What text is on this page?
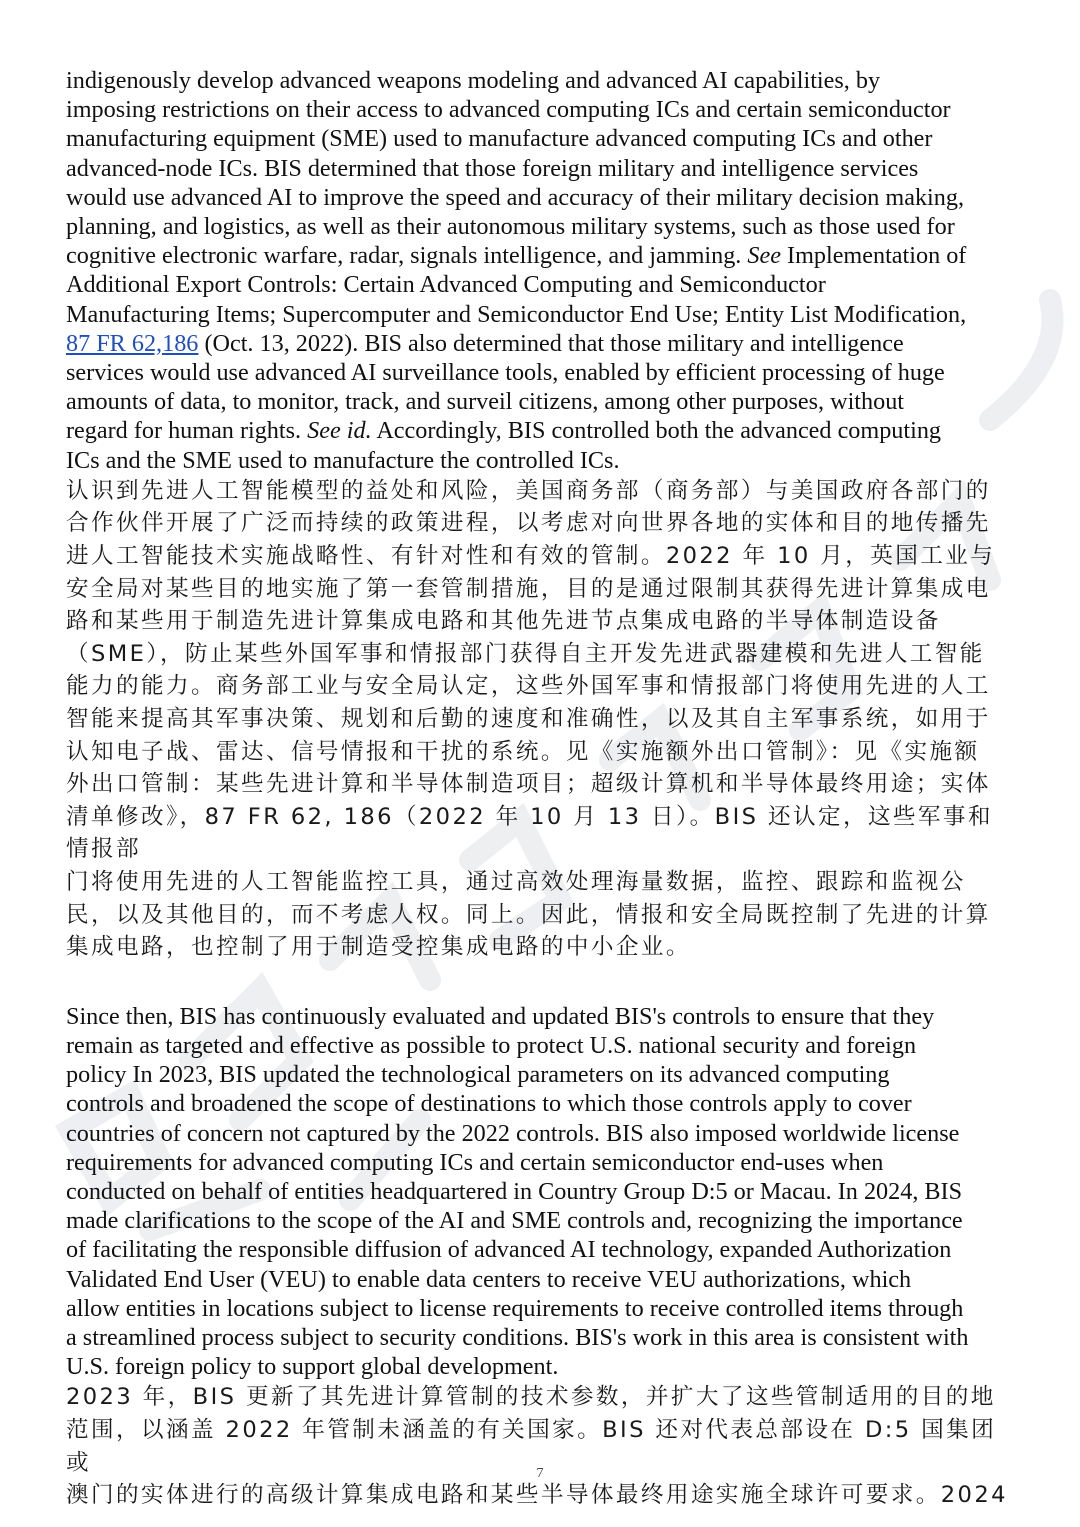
indigenously develop advanced weapons modeling and advanced AI capabilities, by
imposing restrictions on their access to advanced computing ICs and certain semiconductor
manufacturing equipment (SME) used to manufacture advanced computing ICs and other
advanced-node ICs. BIS determined that those foreign military and intelligence services
would use advanced AI to improve the speed and accuracy of their military decision making,
planning, and logistics, as well as their autonomous military systems, such as those used for
cognitive electronic warfare, radar, signals intelligence, and jamming. See Implementation of
Additional Export Controls: Certain Advanced Computing and Semiconductor
Manufacturing Items; Supercomputer and Semiconductor End Use; Entity List Modification,
87 FR 62,186 (Oct. 13, 2022). BIS also determined that those military and intelligence
services would use advanced AI surveillance tools, enabled by efficient processing of huge
amounts of data, to monitor, track, and surveil citizens, among other purposes, without
regard for human rights. See id. Accordingly, BIS controlled both the advanced computing
ICs and the SME used to manufacture the controlled ICs.

认识到先进人工智能模型的益处和风险，美国商务部（商务部）与美国政府各部门的
合作伙伴开展了广泛而持续的政策进程，以考虑对向世界各地的实体和目的地传播先
进人工智能技术实施战略性、有针对性和有效的管制。2022 年 10 月，英国工业与
安全局对某些目的地实施了第一套管制措施，目的是通过限制其获得先进计算集成电
路和某些用于制造先进计算集成电路和其他先进节点集成电路的半导体制造设备
（SME），防止某些外国军事和情报部门获得自主开发先进武器建模和先进人工智能
能力的能力。商务部工业与安全局认定，这些外国军事和情报部门将使用先进的人工
智能来提高其军事决策、规划和后勤的速度和准确性，以及其自主军事系统，如用于
认知电子战、雷达、信号情报和干扰的系统。见《实施额外出口管制》：见《实施额
外出口管制：某些先进计算和半导体制造项目；超级计算机和半导体最终用途；实体
清单修改》，87 FR 62, 186（2022 年 10 月 13 日）。BIS 还认定，这些军事和情报部
门将使用先进的人工智能监控工具，通过高效处理海量数据，监控、跟踪和监视公
民，以及其他目的，而不考虑人权。同上。因此，情报和安全局既控制了先进的计算
集成电路，也控制了用于制造受控集成电路的中小企业。

Since then, BIS has continuously evaluated and updated BIS's controls to ensure that they
remain as targeted and effective as possible to protect U.S. national security and foreign
policy In 2023, BIS updated the technological parameters on its advanced computing
controls and broadened the scope of destinations to which those controls apply to cover
countries of concern not captured by the 2022 controls. BIS also imposed worldwide license
requirements for advanced computing ICs and certain semiconductor end-uses when
conducted on behalf of entities headquartered in Country Group D:5 or Macau. In 2024, BIS
made clarifications to the scope of the AI and SME controls and, recognizing the importance
of facilitating the responsible diffusion of advanced AI technology, expanded Authorization
Validated End User (VEU) to enable data centers to receive VEU authorizations, which
allow entities in locations subject to license requirements to receive controlled items through
a streamlined process subject to security conditions. BIS's work in this area is consistent with
U.S. foreign policy to support global development.

2023 年，BIS 更新了其先进计算管制的技术参数，并扩大了这些管制适用的目的地
范围，以涵盖 2022 年管制未涵盖的有关国家。BIS 还对代表总部设在 D:5 国集团或
澳门的实体进行的高级计算集成电路和某些半导体最终用途实施全球许可要求。2024

7
